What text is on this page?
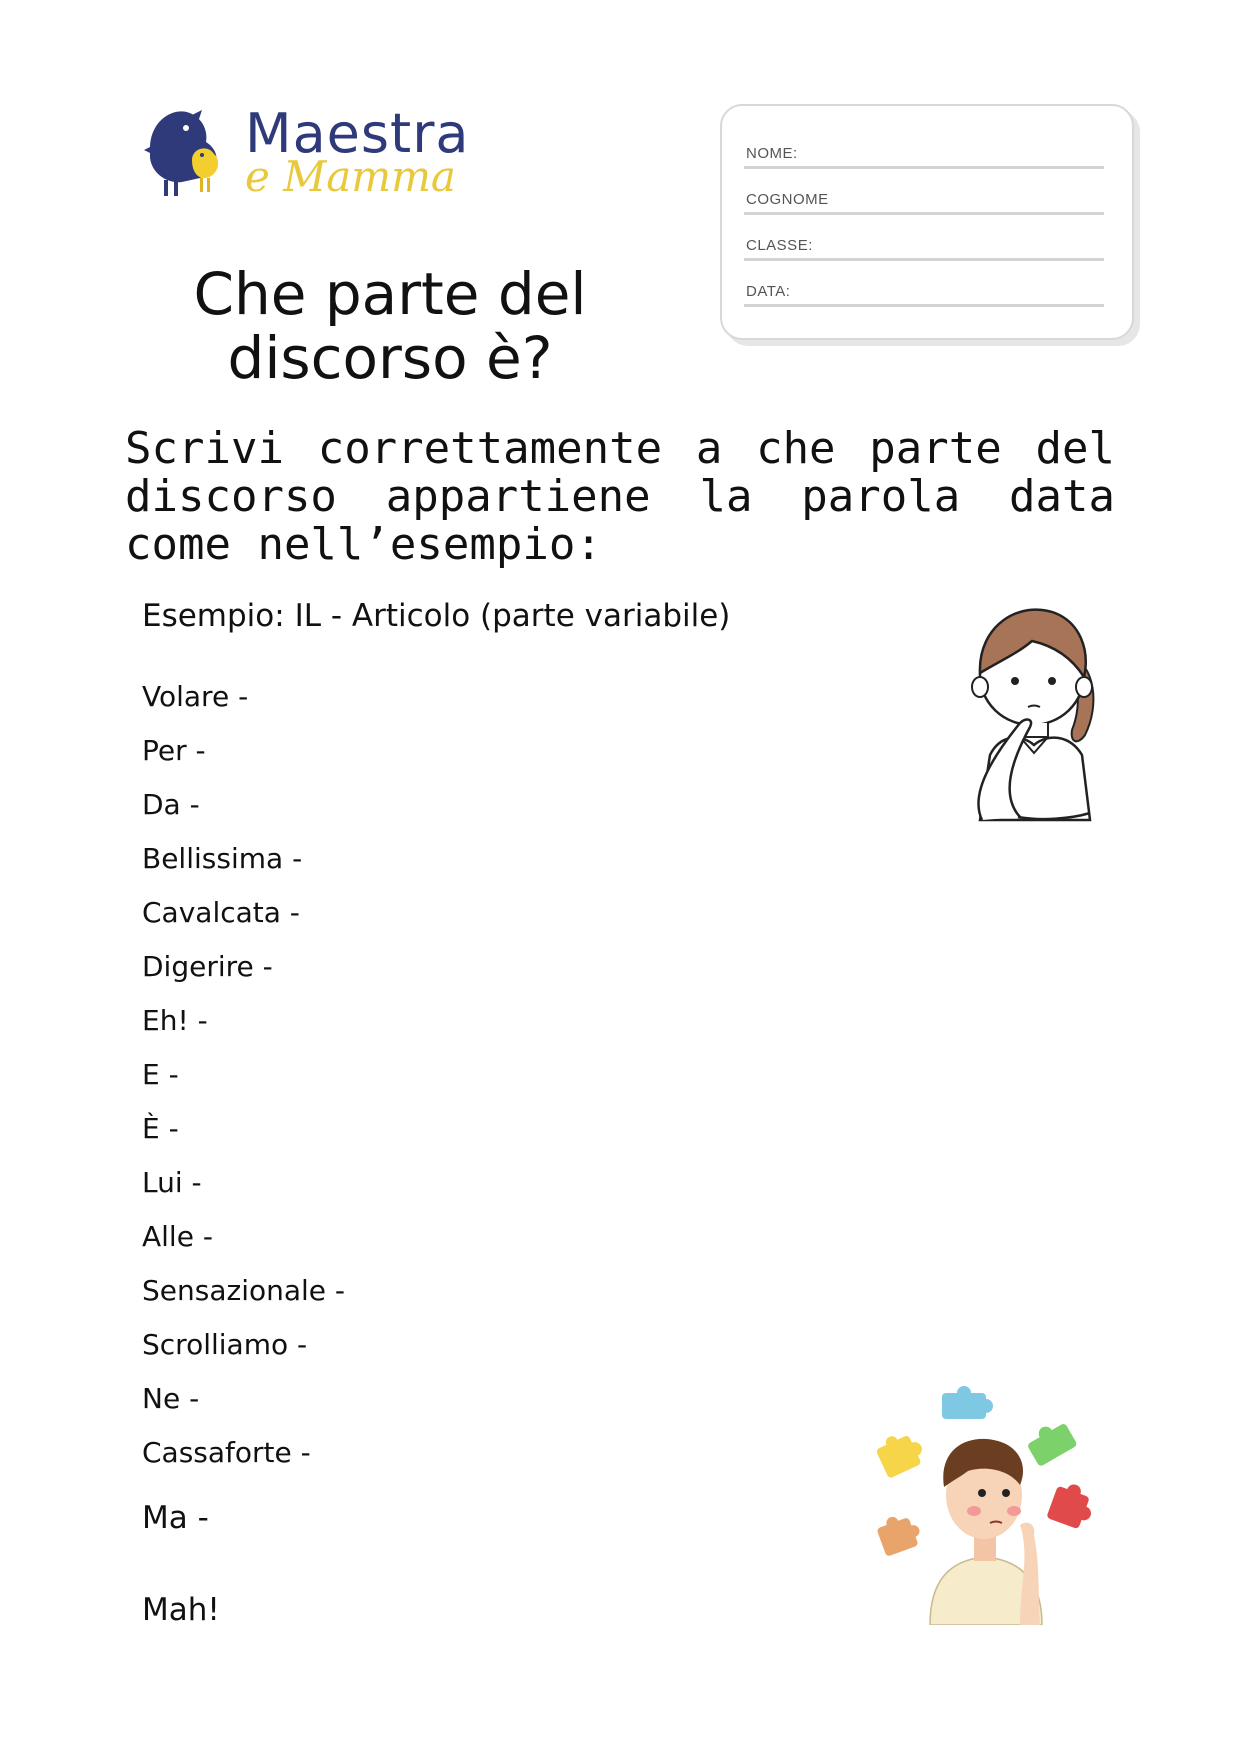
Maestra
e Mamma	NOME:
COGNOME
CLASSE:
DATA:
Che parte del discorso è?
Scrivi correttamente a che parte del discorso appartiene la parola data come nell’esempio:
Esempio: IL - Articolo (parte variabile)
Volare -
Per -
Da -
Bellissima -
Cavalcata -
Digerire -
Eh! -
E -
È -
Lui -
Alle -
Sensazionale -
Scrolliamo -
Ne -
Cassaforte -
Ma -
Mah!
